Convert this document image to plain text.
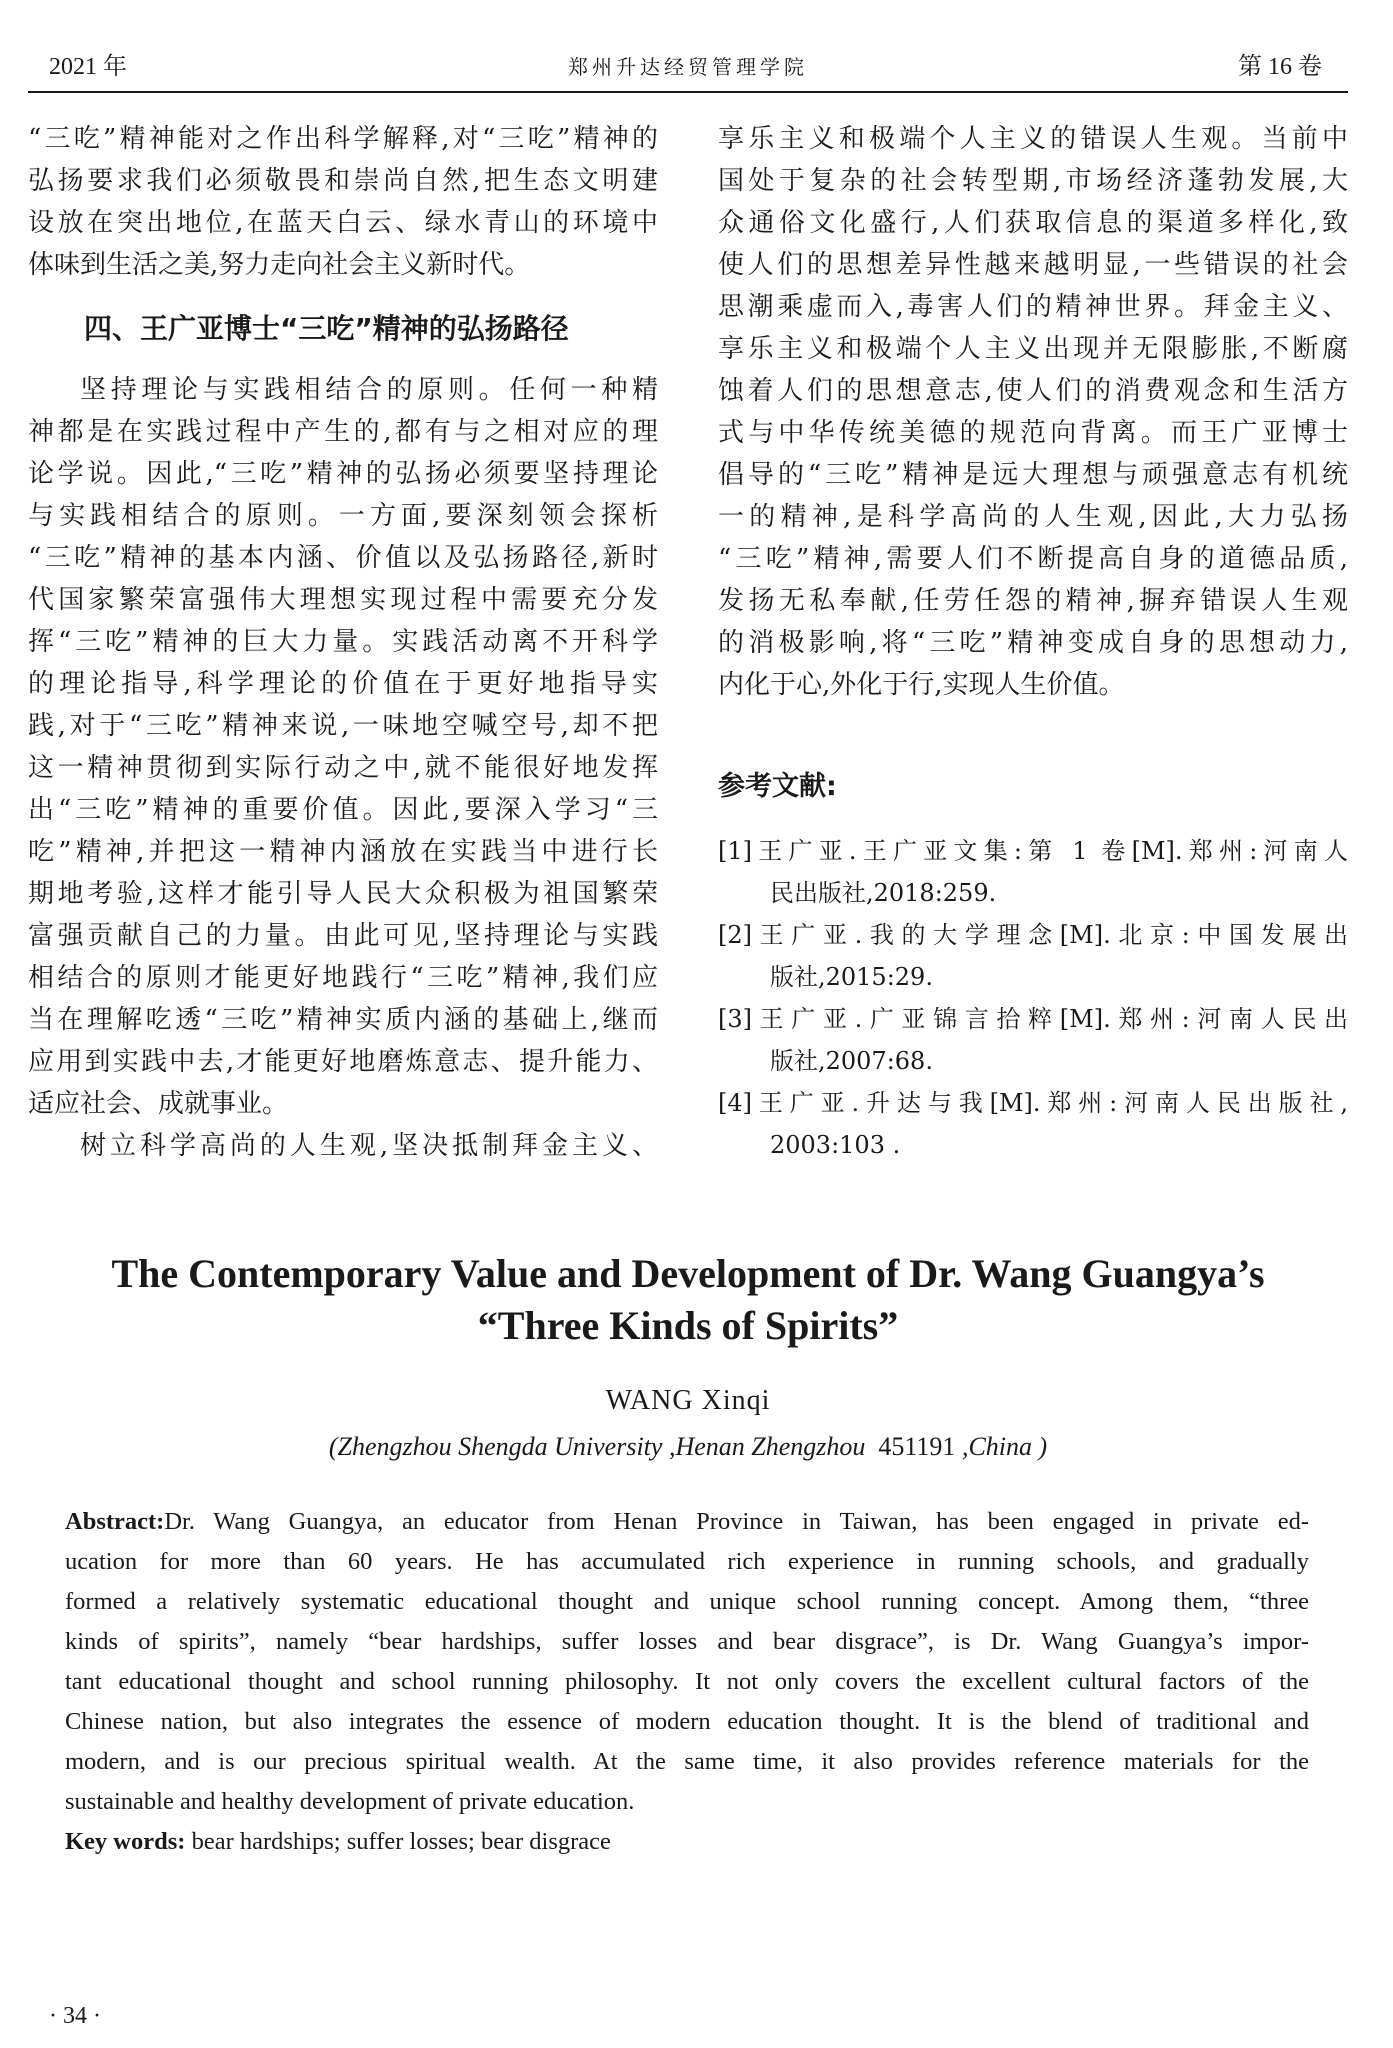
2021 年	郑州升达经贸管理学院	第 16 卷
“三吃”精神能对之作出科学解释,对“三吃”精神的
弘扬要求我们必须敬畏和崇尚自然,把生态文明建
设放在突出地位,在蓝天白云、绿水青山的环境中
体味到生活之美,努力走向社会主义新时代。
四、王广亚博士“三吃”精神的弘扬路径
坚持理论与实践相结合的原则。任何一种精
神都是在实践过程中产生的,都有与之相对应的理
论学说。因此,“三吃”精神的弘扬必须要坚持理论
与实践相结合的原则。一方面,要深刻领会探析
“三吃”精神的基本内涵、价值以及弘扬路径,新时
代国家繁荣富强伟大理想实现过程中需要充分发
挥“三吃”精神的巨大力量。实践活动离不开科学
的理论指导,科学理论的价值在于更好地指导实
践,对于“三吃”精神来说,一味地空喊空号,却不把
这一精神贯彻到实际行动之中,就不能很好地发挥
出“三吃”精神的重要价值。因此,要深入学习“三
吃”精神,并把这一精神内涵放在实践当中进行长
期地考验,这样才能引导人民大众积极为祖国繁荣
富强贡献自己的力量。由此可见,坚持理论与实践
相结合的原则才能更好地践行“三吃”精神,我们应
当在理解吃透“三吃”精神实质内涵的基础上,继而
应用到实践中去,才能更好地磨炼意志、提升能力、
适应社会、成就事业。
树立科学高尚的人生观,坚决抵制拜金主义、
享乐主义和极端个人主义的错误人生观。当前中
国处于复杂的社会转型期,市场经济蓬勃发展,大
众通俗文化盛行,人们获取信息的渠道多样化,致
使人们的思想差异性越来越明显,一些错误的社会
思潮乘虚而入,毒害人们的精神世界。拜金主义、
享乐主义和极端个人主义出现并无限膨胀,不断腐
蚀着人们的思想意志,使人们的消费观念和生活方
式与中华传统美德的规范向背离。而王广亚博士
倡导的“三吃”精神是远大理想与顽强意志有机统
一的精神,是科学高尚的人生观,因此,大力弘扬
“三吃”精神,需要人们不断提高自身的道德品质,
发扬无私奉献,任劳任怨的精神,摒弃错误人生观
的消极影响,将“三吃”精神变成自身的思想动力,
内化于心,外化于行,实现人生价值。
参考文献:
[1]王广亚.王广亚文集:第 1 卷[M].郑州:河南人
民出版社,2018:259.
[2]王广亚.我的大学理念[M].北京:中国发展出
版社,2015:29.
[3]王广亚.广亚锦言拾粹[M].郑州:河南人民出
版社,2007:68.
[4]王广亚.升达与我[M].郑州:河南人民出版社,
2003:103 .
The Contemporary Value and Development of Dr. Wang Guangya’s
“Three Kinds of Spirits”
WANG Xinqi
(Zhengzhou Shengda University ,Henan Zhengzhou 451191 ,China )
Abstract:Dr. Wang Guangya, an educator from Henan Province in Taiwan, has been engaged in private ed-
ucation for more than 60 years. He has accumulated rich experience in running schools, and gradually
formed a relatively systematic educational thought and unique school running concept. Among them, “three
kinds of spirits”, namely “bear hardships, suffer losses and bear disgrace”, is Dr. Wang Guangya’s impor-
tant educational thought and school running philosophy. It not only covers the excellent cultural factors of the
Chinese nation, but also integrates the essence of modern education thought. It is the blend of traditional and
modern, and is our precious spiritual wealth. At the same time, it also provides reference materials for the
sustainable and healthy development of private education.
Key words: bear hardships; suffer losses; bear disgrace
· 34 ·
